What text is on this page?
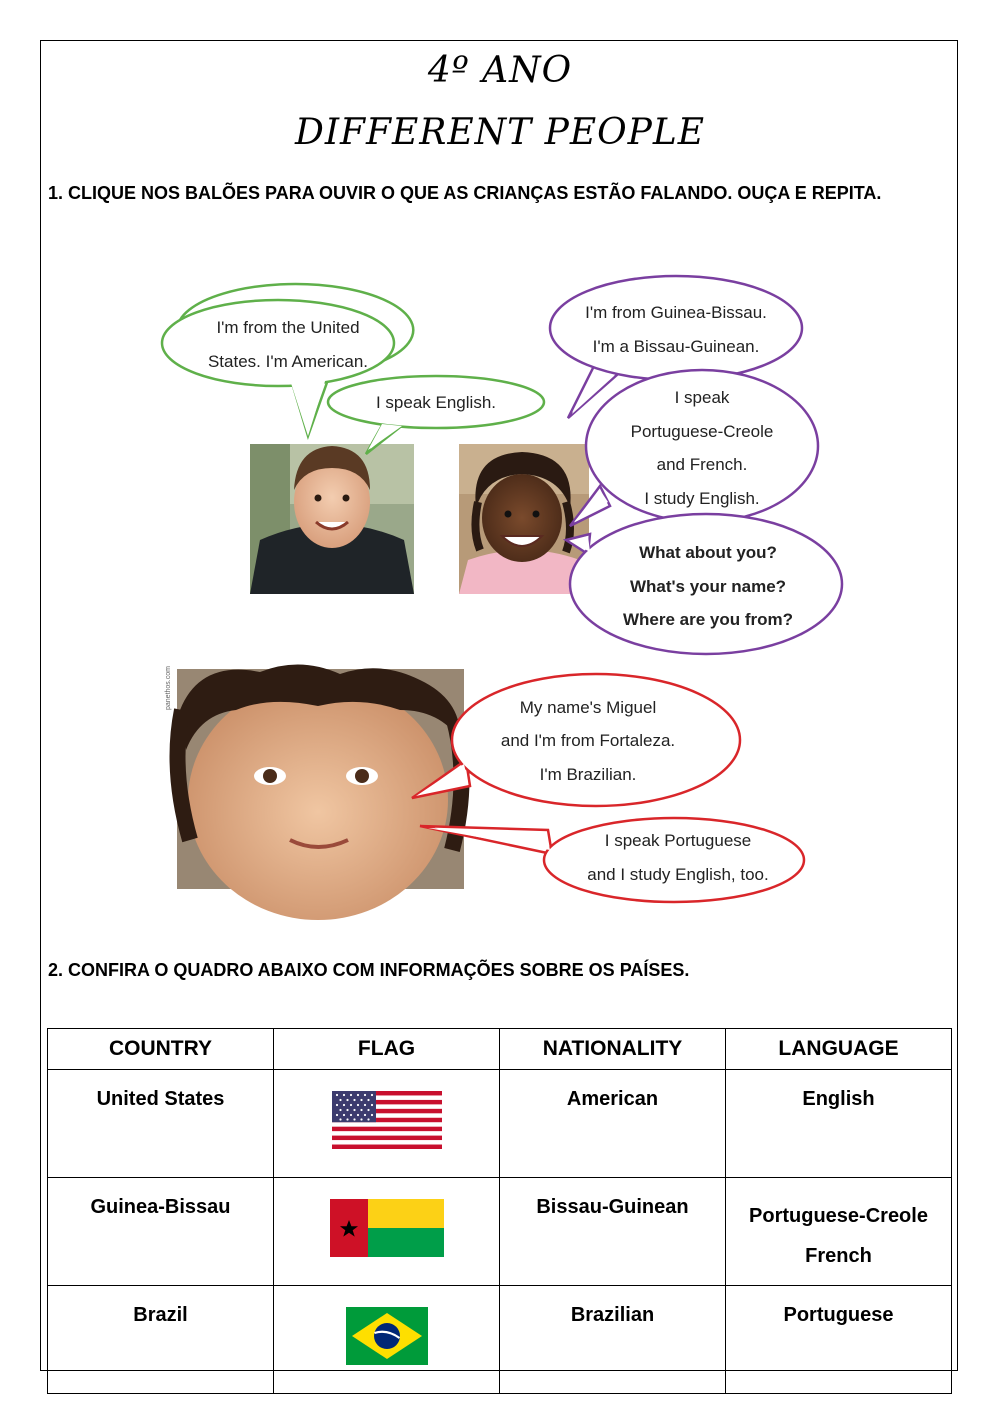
4º ANO
DIFFERENT PEOPLE
1. CLIQUE NOS BALÕES PARA OUVIR O QUE AS CRIANÇAS ESTÃO FALANDO. OUÇA E REPITA.
panethos.com
I'm from the United
States. I'm American.
I speak English.
I'm from Guinea-Bissau.
I'm a Bissau-Guinean.
I speak
Portuguese-Creole
and French.
I study English.
What about you?
What's your name?
Where are you from?
My name's Miguel
and I'm from Fortaleza.
I'm Brazilian.
I speak Portuguese
and I study English, too.
2. CONFIRA O QUADRO ABAIXO COM INFORMAÇÕES SOBRE OS PAÍSES.
COUNTRY	FLAG	NATIONALITY	LANGUAGE
United States		American	English
Guinea-Bissau		Bissau-Guinean	Portuguese-Creole
French

Brazil		Brazilian	Portuguese
